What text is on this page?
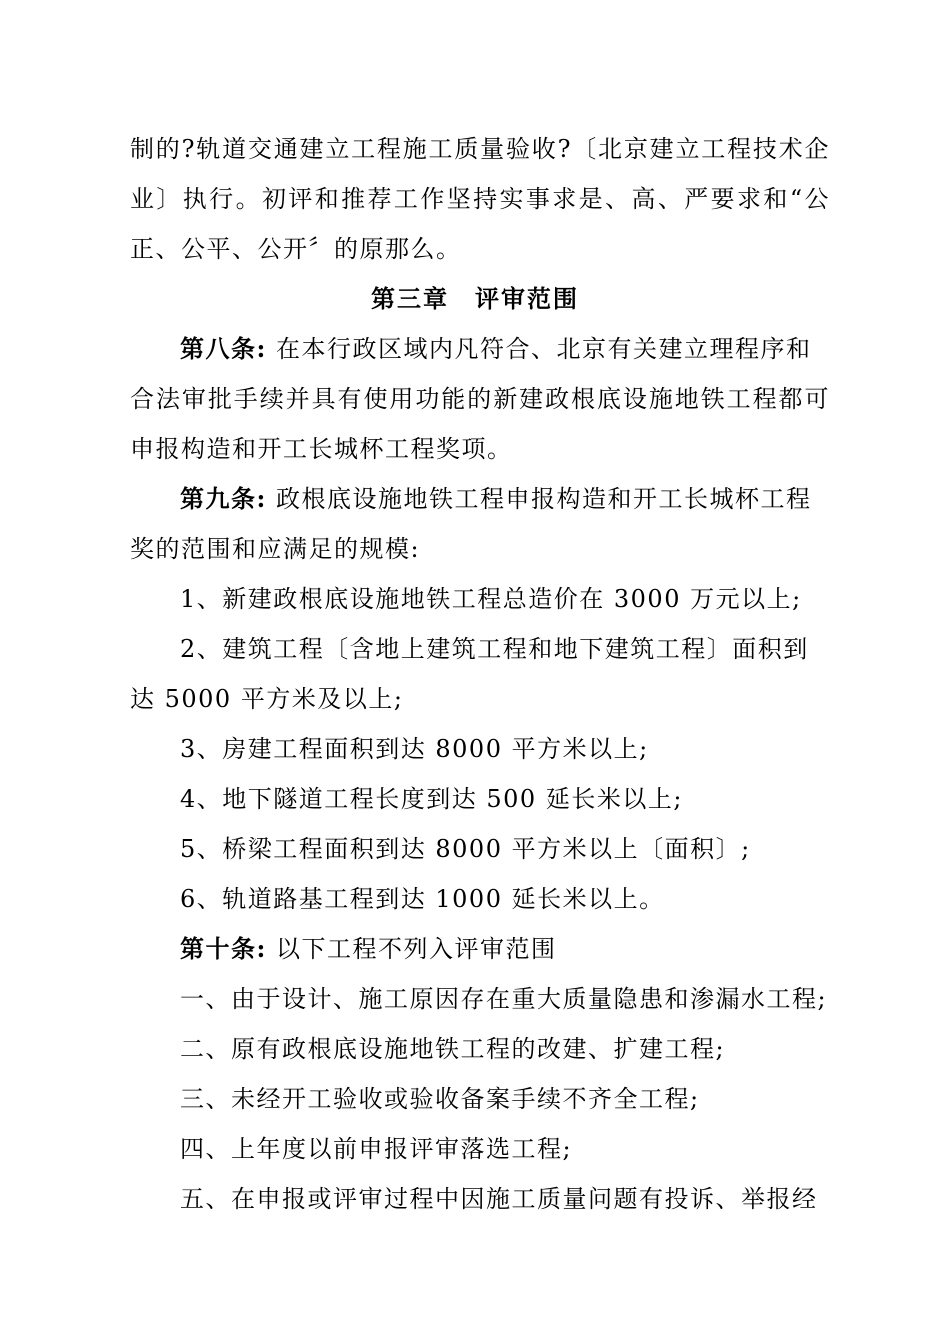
制的?轨道交通建立工程施工质量验收?〔北京建立工程技术企
业〕执行。初评和推荐工作坚持实事求是、高、严要求和“公
正、公平、公开〞的原那么。
第三章　评审范围
第八条: 在本行政区域内凡符合、北京有关建立理程序和
合法审批手续并具有使用功能的新建政根底设施地铁工程都可
申报构造和开工长城杯工程奖项。
第九条: 政根底设施地铁工程申报构造和开工长城杯工程
奖的范围和应满足的规模:
1、新建政根底设施地铁工程总造价在 3000 万元以上;
2、建筑工程〔含地上建筑工程和地下建筑工程〕面积到
达 5000 平方米及以上;
3、房建工程面积到达 8000 平方米以上;
4、地下隧道工程长度到达 500 延长米以上;
5、桥梁工程面积到达 8000 平方米以上〔面积〕;
6、轨道路基工程到达 1000 延长米以上。
第十条: 以下工程不列入评审范围
一、由于设计、施工原因存在重大质量隐患和渗漏水工程;
二、原有政根底设施地铁工程的改建、扩建工程;
三、未经开工验收或验收备案手续不齐全工程;
四、上年度以前申报评审落选工程;
五、在申报或评审过程中因施工质量问题有投诉、举报经
